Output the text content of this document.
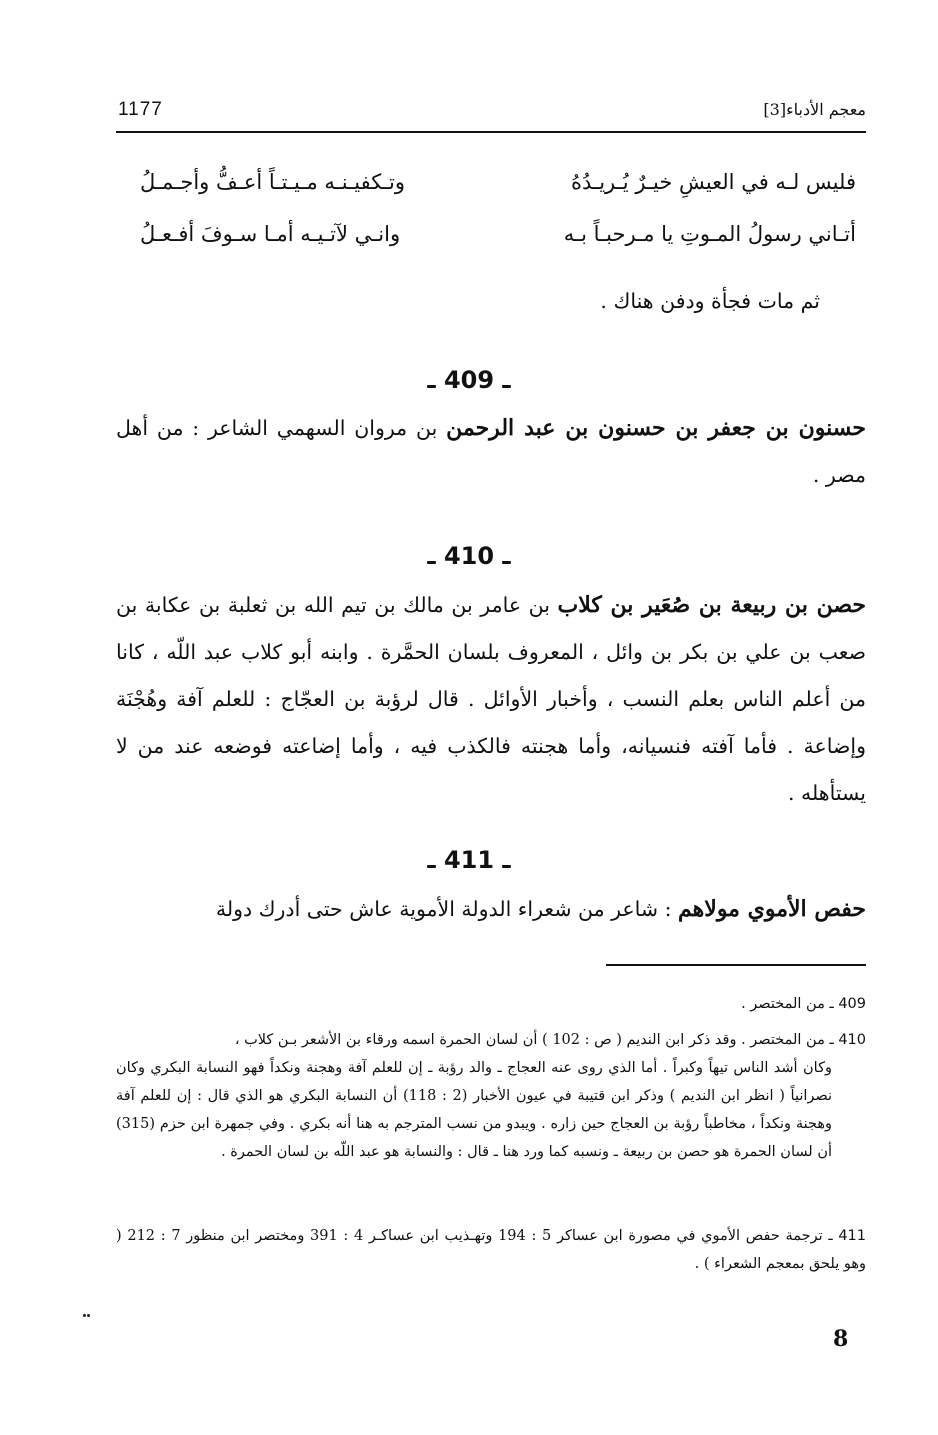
1177	معجم الأدباء[3]
فليس لـه في العيشِ خيـرٌ يُـريـدُهُ
وتـكفيـنـه مـيـتـاً أعـفُّ وأجـمـلُ
أتـاني رسولُ المـوتِ يا مـرحبـاً بـه
وانـي لآتـيـه أمـا سـوفَ أفـعـلُ
ثم مات فجأة ودفن هناك .
ـ 409 ـ
حسنون بن جعفر بن حسنون بن عبد الرحمن بن مروان السهمي الشاعر : من أهل مصر .
ـ 410 ـ
حصن بن ربيعة بن صُعَير بن كلاب بن عامر بن مالك بن تيم الله بن ثعلبة بن عكابة بن صعب بن علي بن بكر بن وائل ، المعروف بلسان الحمَّرة . وابنه أبو كلاب عبد اللّه ، كانا من أعلم الناس بعلم النسب ، وأخبار الأوائل . قال لرؤبة بن العجّاج : للعلم آفة وهُجْنَة وإضاعة . فأما آفته فنسيانه، وأما هجنته فالكذب فيه ، وأما إضاعته فوضعه عند من لا يستأهله .
ـ 411 ـ
حفص الأموي مولاهم : شاعر من شعراء الدولة الأموية عاش حتى أدرك دولة
409 ـ من المختصر .
410 ـ من المختصر . وقد ذكر ابن النديم ( ص : 102 ) أن لسان الحمرة اسمه ورقاء بن الأشعر بـن كلاب ،
وكان أشد الناس تيهاً وكبراً . أما الذي روى عنه العجاج ـ والد رؤبة ـ إن للعلم آفة وهجنة ونكداً فهو النسابة البكري وكان نصرانياً ( انظر ابن النديم ) وذكر ابن قتيبة في عيون الأخبار (2 : 118) أن النسابة البكري هو الذي قال : إن للعلم آفة وهجنة ونكداً ، مخاطباً رؤبة بن العجاج حين زاره . ويبدو من نسب المترجم به هنا أنه بكري . وفي جمهرة ابن حزم (315) أن لسان الحمرة هو حصن بن ربيعة ـ ونسبه كما ورد هنا ـ قال : والنسابة هو عبد اللّه بن لسان الحمرة .
411 ـ ترجمة حفص الأموي في مصورة ابن عساكر 5 : 194 وتهـذيب ابن عساكـر 4 : 391 ومختصر ابن منظور 7 : 212 ( وهو يلحق بمعجم الشعراء ) .
8
